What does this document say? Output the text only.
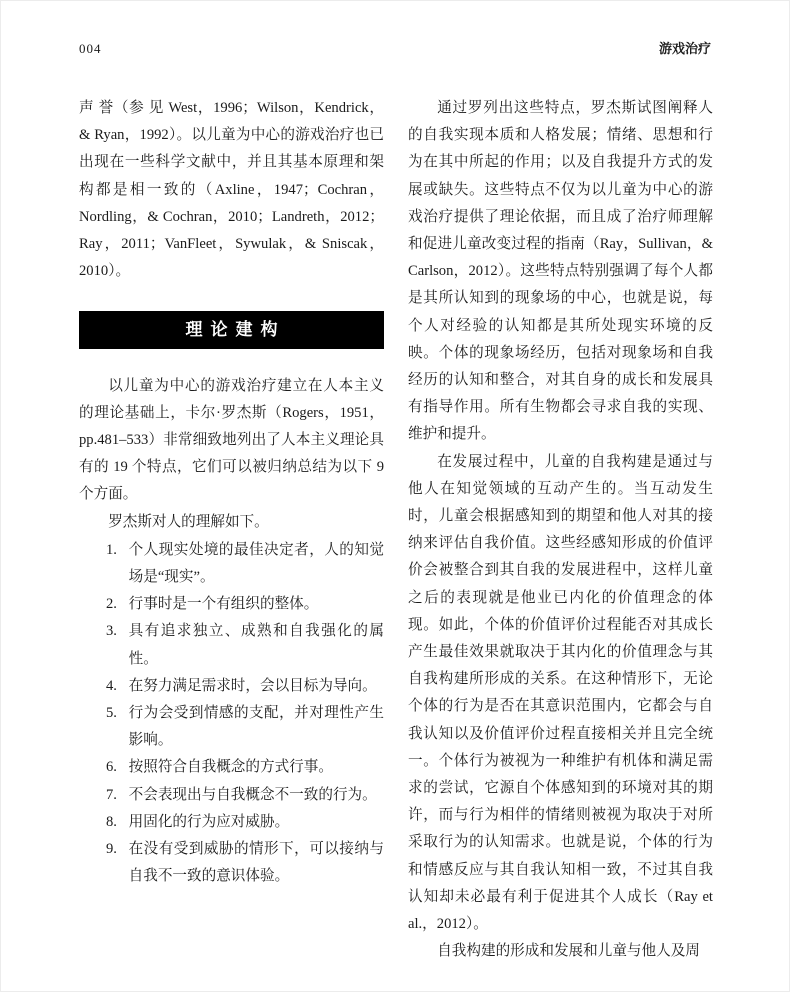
004	游戏治疗

声 誉（参 见 West，1996；Wilson，Kendrick，& Ryan，1992）。以儿童为中心的游戏治疗也已出现在一些科学文献中，并且其基本原理和架构都是相一致的（Axline，1947；Cochran，Nordling，& Cochran，2010；Landreth，2012；Ray，2011；VanFleet，Sywulak，& Sniscak，2010）。

理论建构

以儿童为中心的游戏治疗建立在人本主义的理论基础上，卡尔·罗杰斯（Rogers，1951，pp.481–533）非常细致地列出了人本主义理论具有的 19 个特点，它们可以被归纳总结为以下 9 个方面。

罗杰斯对人的理解如下。

1. 个人现实处境的最佳决定者，人的知觉场是“现实”。
2. 行事时是一个有组织的整体。
3. 具有追求独立、成熟和自我强化的属性。
4. 在努力满足需求时，会以目标为导向。
5. 行为会受到情感的支配，并对理性产生影响。
6. 按照符合自我概念的方式行事。
7. 不会表现出与自我概念不一致的行为。
8. 用固化的行为应对威胁。
9. 在没有受到威胁的情形下，可以接纳与自我不一致的意识体验。

通过罗列出这些特点，罗杰斯试图阐释人的自我实现本质和人格发展；情绪、思想和行为在其中所起的作用；以及自我提升方式的发展或缺失。这些特点不仅为以儿童为中心的游戏治疗提供了理论依据，而且成了治疗师理解和促进儿童改变过程的指南（Ray，Sullivan，& Carlson，2012）。这些特点特别强调了每个人都是其所认知到的现象场的中心，也就是说，每个人对经验的认知都是其所处现实环境的反映。个体的现象场经历，包括对现象场和自我经历的认知和整合，对其自身的成长和发展具有指导作用。所有生物都会寻求自我的实现、维护和提升。

在发展过程中，儿童的自我构建是通过与他人在知觉领域的互动产生的。当互动发生时，儿童会根据感知到的期望和他人对其的接纳来评估自我价值。这些经感知形成的价值评价会被整合到其自我的发展进程中，这样儿童之后的表现就是他业已内化的价值理念的体现。如此，个体的价值评价过程能否对其成长产生最佳效果就取决于其内化的价值理念与其自我构建所形成的关系。在这种情形下，无论个体的行为是否在其意识范围内，它都会与自我认知以及价值评价过程直接相关并且完全统一。个体行为被视为一种维护有机体和满足需求的尝试，它源自个体感知到的环境对其的期许，而与行为相伴的情绪则被视为取决于对所采取行为的认知需求。也就是说，个体的行为和情感反应与其自我认知相一致，不过其自我认知却未必最有利于促进其个人成长（Ray et al.，2012）。

自我构建的形成和发展和儿童与他人及周
